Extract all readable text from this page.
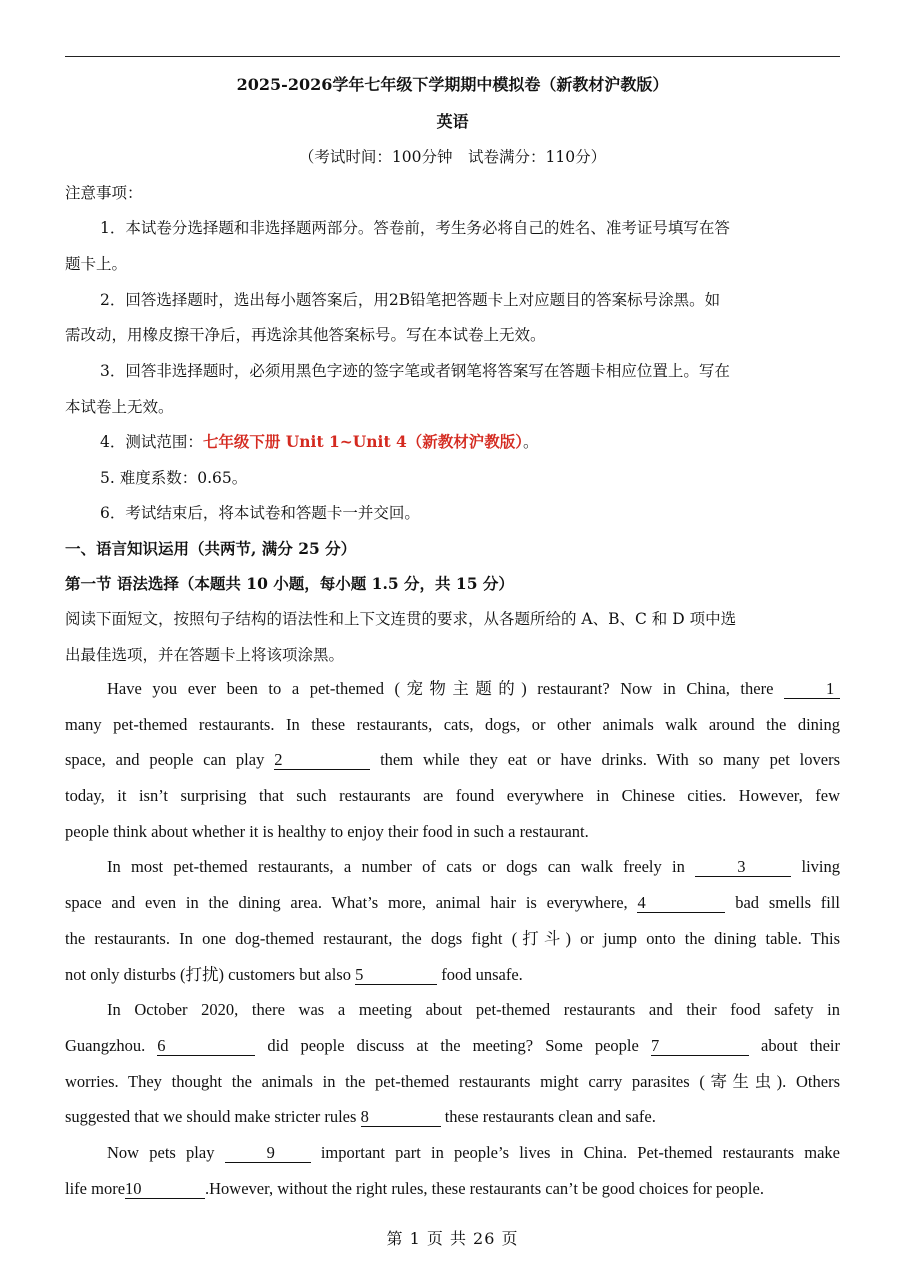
2025-2026学年七年级下学期期中模拟卷（新教材沪教版）
英语
（考试时间：100分钟　试卷满分：110分）
注意事项：
1．本试卷分选择题和非选择题两部分。答卷前，考生务必将自己的姓名、准考证号填写在答
题卡上。
2．回答选择题时，选出每小题答案后，用2B铅笔把答题卡上对应题目的答案标号涂黑。如
需改动，用橡皮擦干净后，再选涂其他答案标号。写在本试卷上无效。
3．回答非选择题时，必须用黑色字迹的签字笔或者钢笔将答案写在答题卡相应位置上。写在
本试卷上无效。
4．测试范围：七年级下册 Unit 1~Unit 4（新教材沪教版）。
5. 难度系数：0.65。
6．考试结束后，将本试卷和答题卡一并交回。
一、语言知识运用（共两节, 满分 25 分）
第一节 语法选择（本题共 10 小题，每小题 1.5 分，共 15 分）
阅读下面短文，按照句子结构的语法性和上下文连贯的要求，从各题所给的 A、B、C 和 D 项中选
出最佳选项，并在答题卡上将该项涂黑。
Have you ever been to a pet-themed (宠物主题的) restaurant? Now in China, there	1
many pet-themed restaurants. In these restaurants, cats, dogs, or other animals walk around the dining
space, and people can play 2	them while they eat or have drinks. With so many pet lovers
today, it isn’t surprising that such restaurants are found everywhere in Chinese cities. However, few
people think about whether it is healthy to enjoy their food in such a restaurant.
In most pet-themed restaurants, a number of cats or dogs can walk freely in	3	living
space and even in the dining area. What’s more, animal hair is everywhere, 4	bad smells fill
the restaurants. In one dog-themed restaurant, the dogs fight (打斗) or jump onto the dining table. This
not only disturbs (打扰) customers but also 5	food unsafe.
In October 2020, there was a meeting about pet-themed restaurants and their food safety in
Guangzhou. 6	did people discuss at the meeting? Some people 7	about their
worries. They thought the animals in the pet-themed restaurants might carry parasites (寄生虫). Others
suggested that we should make stricter rules 8	these restaurants clean and safe.
Now pets play	9	important part in people’s lives in China. Pet-themed restaurants make
life more10	.However, without the right rules, these restaurants can’t be good choices for people.
第 1 页 共 26 页
